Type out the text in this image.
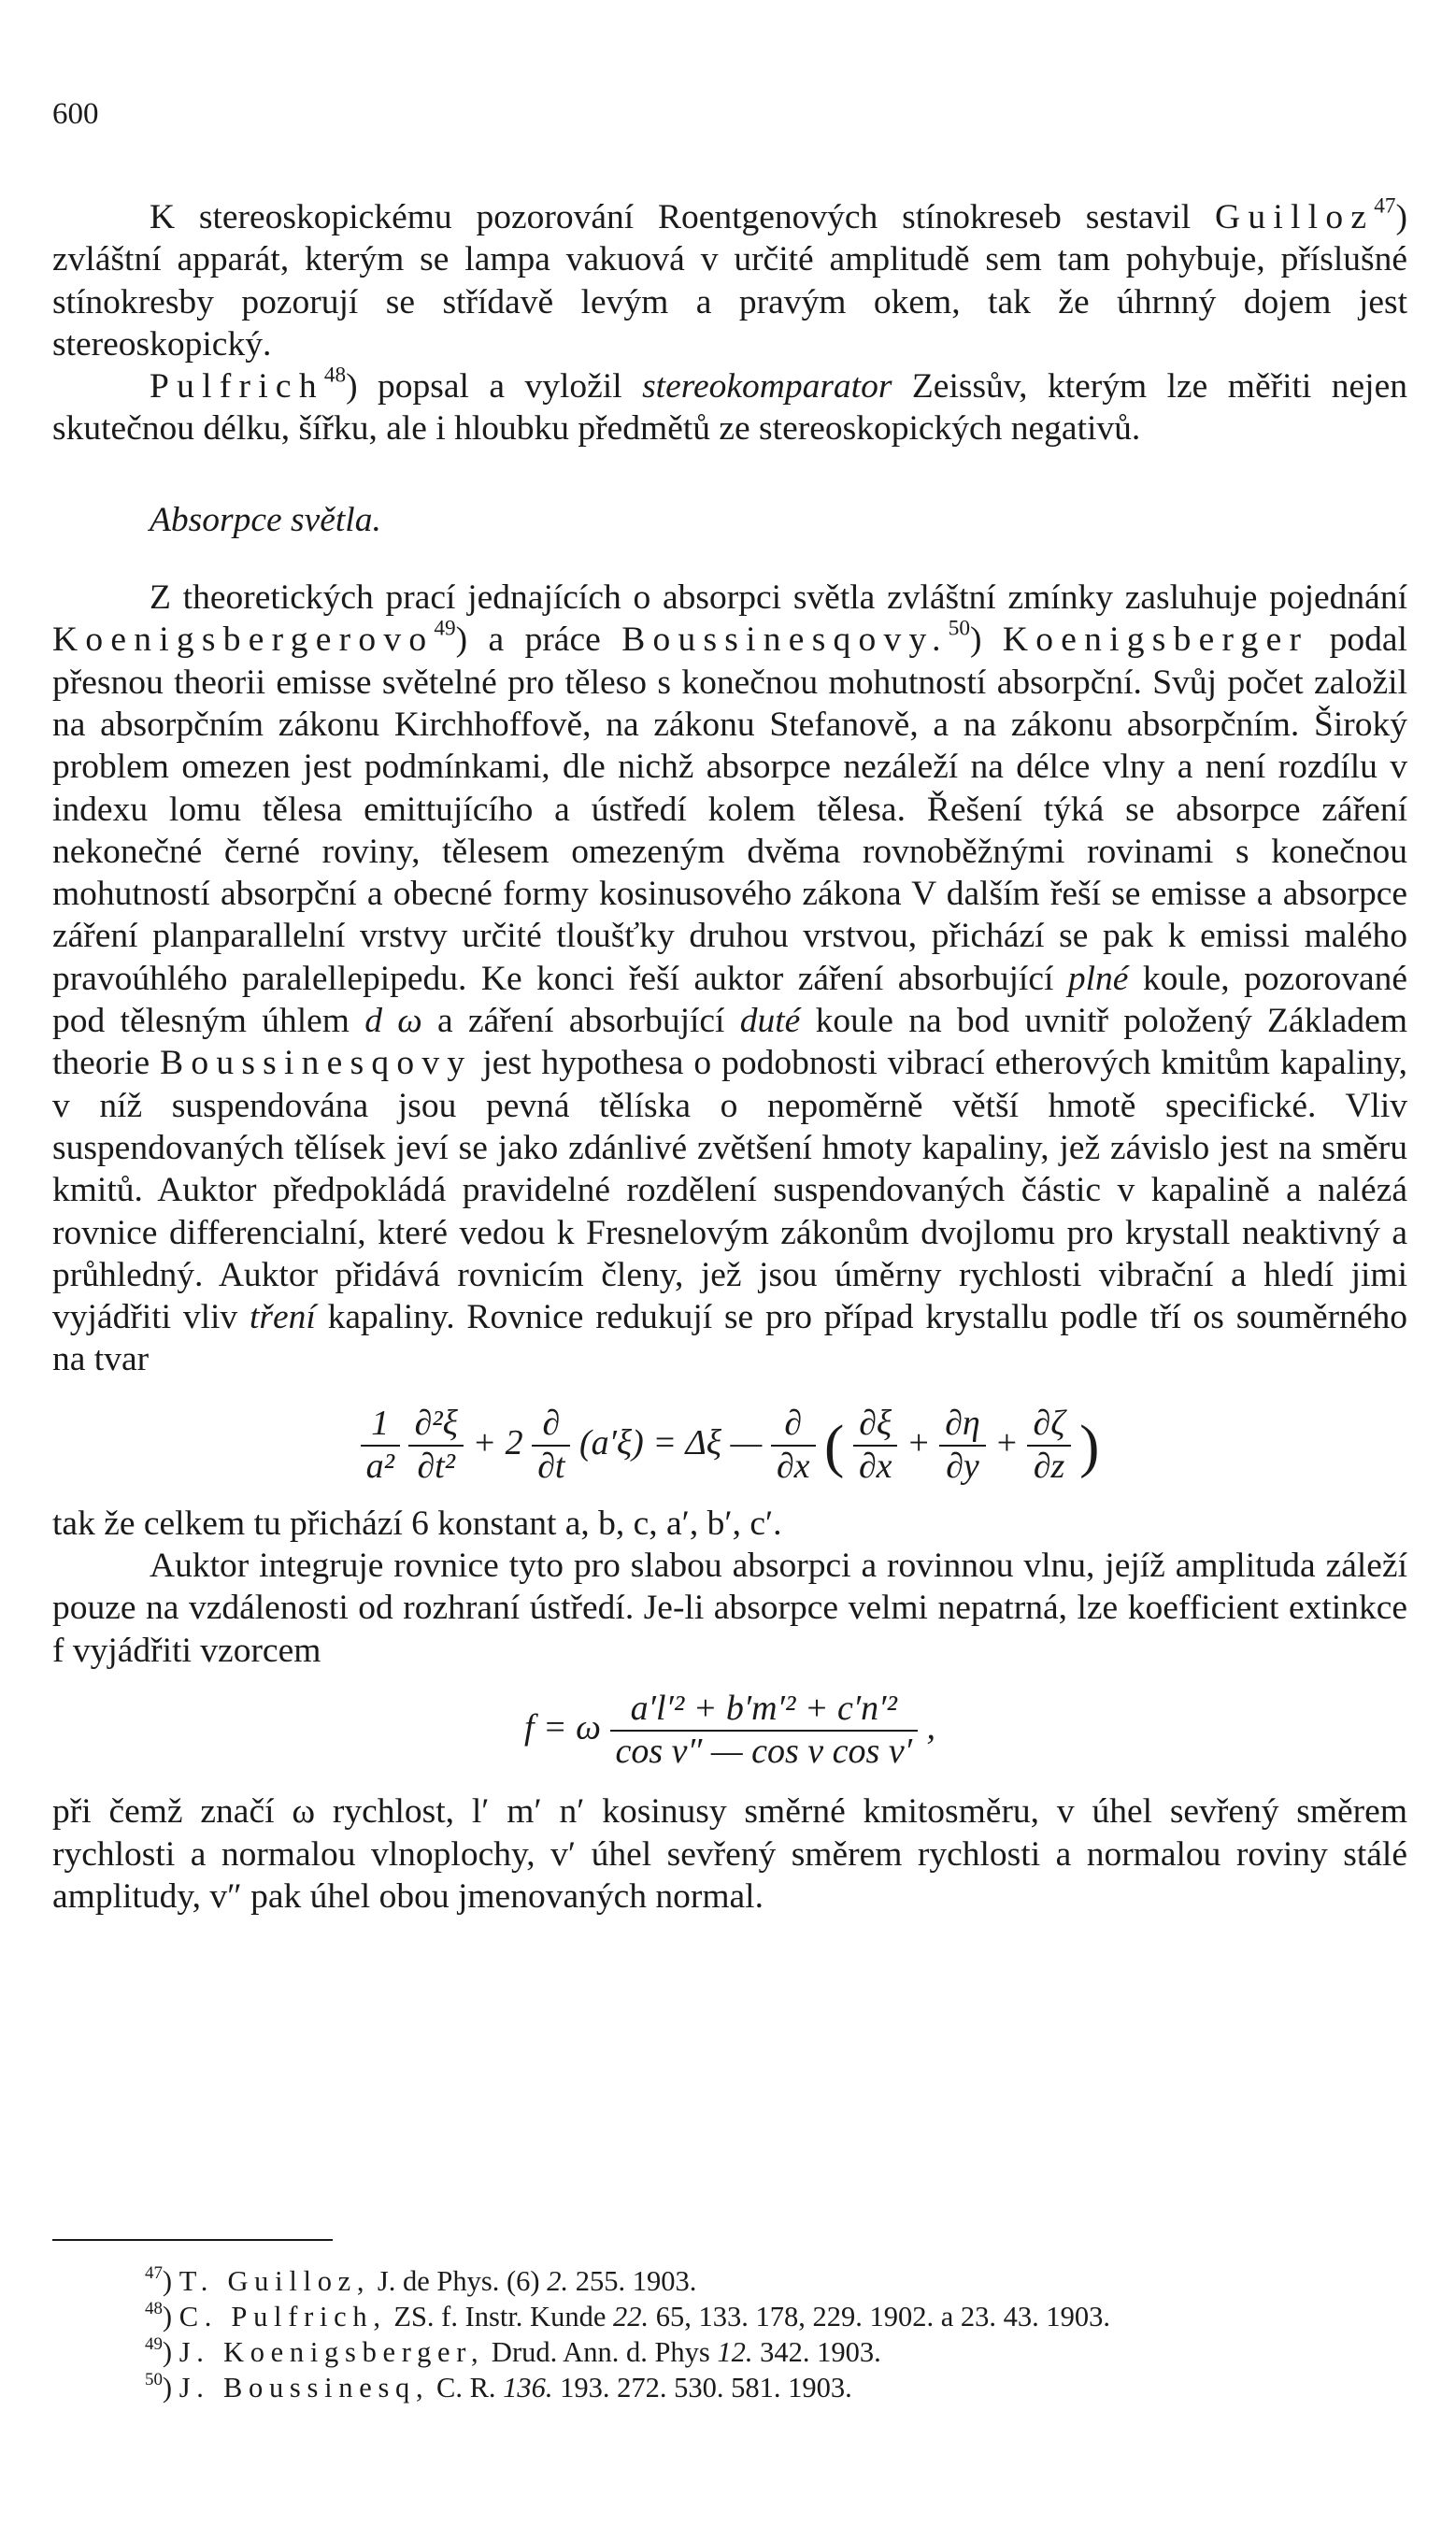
600

K stereoskopickému pozorování Roentgenových stínokreseb sestavil Guilloz$^{47}$) zvláštní apparát, kterým se lampa vakuová v určité amplitudě sem tam pohybuje, příslušné stínokresby pozorují se střídavě levým a pravým okem, tak že úhrnný dojem jest stereoskopický.

Pulfrich$^{48}$) popsal a vyložil stereokomparator Zeissův, kterým lze měřiti nejen skutečnou délku, šířku, ale i hloubku předmětů ze stereoskopických negativů.

Absorpce světla.

Z theoretických prací jednajících o absorpci světla zvláštní zmínky zasluhuje pojednání Koenigsbergerovo$^{49}$) a práce Boussinesqovy.$^{50}$) Koenigsberger podal přesnou theorii emisse světelné pro těleso s konečnou mohutností absorpční. Svůj počet založil na absorpčním zákonu Kirchhoffově, na zákonu Stefanově, a na zákonu absorpčním. Široký problem omezen jest podmínkami, dle nichž absorpce nezáleží na délce vlny a není rozdílu v indexu lomu tělesa emittujícího a ústředí kolem tělesa. Řešení týká se absorpce záření nekonečné černé roviny, tělesem omezeným dvěma rovnoběžnými rovinami s konečnou mohutností absorpční a obecné formy kosinusového zákona V dalším řeší se emisse a absorpce záření planparallelní vrstvy určité tloušťky druhou vrstvou, přichází se pak k emissi malého pravoúhlého paralellepipedu. Ke konci řeší auktor záření absorbující plné koule, pozorované pod tělesným úhlem d ω a záření absorbující duté koule na bod uvnitř položený Základem theorie Boussinesqovy jest hypothesa o podobnosti vibrací etherových kmitům kapaliny, v níž suspendována jsou pevná tělíska o nepoměrně větší hmotě specifické. Vliv suspendovaných tělísek jeví se jako zdánlivé zvětšení hmoty kapaliny, jež závislo jest na směru kmitů. Auktor předpokládá pravidelné rozdělení suspendovaných částic v kapalině a nalézá rovnice differencialní, které vedou k Fresnelovým zákonům dvojlomu pro krystall neaktivný a průhledný. Auktor přidává rovnicím členy, jež jsou úměrny rychlosti vibrační a hledí jimi vyjádřiti vliv tření kapaliny. Rovnice redukují se pro případ krystallu podle tří os souměrného na tvar

$\frac{1}{\text{a²}}$
$\frac{\text{∂²ξ}}{\text{∂t²}} + 2 \frac{\partial}{\partial t} (a'\xi) = \Delta\xi$ — $\frac{\partial}{\partial x}$ ( $\frac{\partial\xi}{\partial x} + \frac{\partial\eta}{\partial y} + \frac{\partial\zeta}{\partial z}$ )

tak že celkem tu přichází 6 konstant a, b, c, a′, b′, c′.

Auktor integruje rovnice tyto pro slabou absorpci a rovinnou vlnu, jejíž amplituda záleží pouze na vzdálenosti od rozhraní ústředí. Je-li absorpce velmi nepatrná, lze koefficient extinkce f vyjádřiti vzorcem

f = ω $\frac{\text{a′l′² + b′m′² + c′n′²}}{\text{cos v″ — cos v cos v′}}$ ,

při čemž značí ω rychlost, l′ m′ n′ kosinusy směrné kmitosměru, v úhel sevřený směrem rychlosti a normalou vlnoplochy, v′ úhel sevřený směrem rychlosti a normalou roviny stálé amplitudy, v″ pak úhel obou jmenovaných normal.

$^{47}$) T. Guilloz, J. de Phys. (6) 2. 255. 1903.
$^{48}$) C. Pulfrich, ZS. f. Instr. Kunde 22. 65, 133. 178, 229. 1902. a 23. 43. 1903.
$^{49}$) J. Koenigsberger, Drud. Ann. d. Phys 12. 342. 1903.
$^{50}$) J. Boussinesq, C. R. 136. 193. 272. 530. 581. 1903.
